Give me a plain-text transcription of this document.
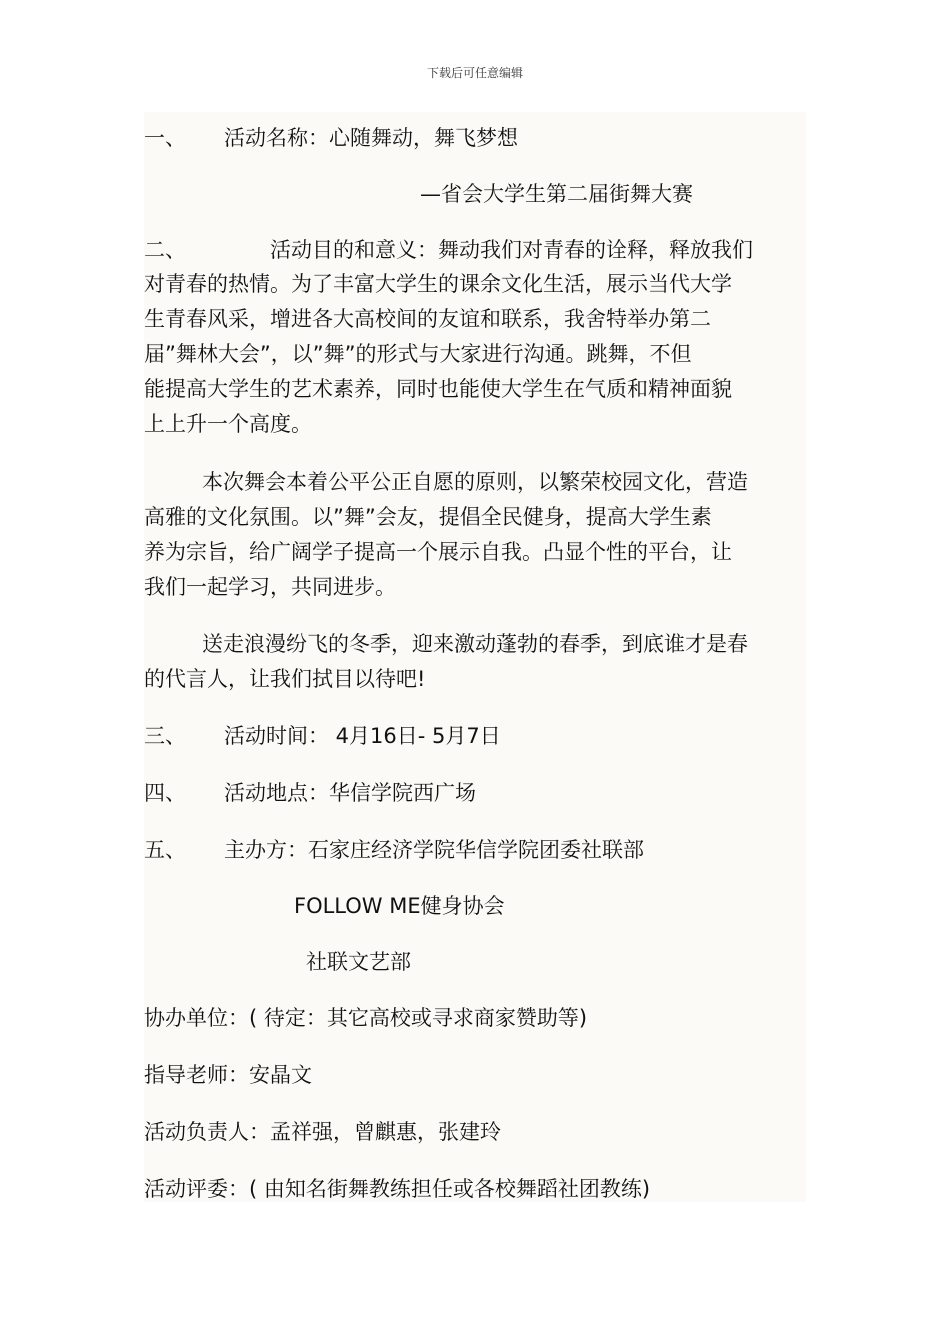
下载后可任意编辑
一、 活动名称：心随舞动，舞飞梦想
—省会大学生第二届街舞大赛
二、	活动目的和意义：舞动我们对青春的诠释，释放我们
对青春的热情。为了丰富大学生的课余文化生活，展示当代大学
生青春风采，增进各大高校间的友谊和联系，我舍特举办第二
届”舞林大会”，以”舞”的形式与大家进行沟通。跳舞，不但
能提高大学生的艺术素养，同时也能使大学生在气质和精神面貌
上上升一个高度。
本次舞会本着公平公正自愿的原则，以繁荣校园文化，营造
高雅的文化氛围。以”舞”会友，提倡全民健身，提高大学生素
养为宗旨，给广阔学子提高一个展示自我。凸显个性的平台，让
我们一起学习，共同进步。
送走浪漫纷飞的冬季，迎来激动蓬勃的春季，到底谁才是春
的代言人，让我们拭目以待吧!
三、 活动时间： 4月16日- 5月7日
四、 活动地点：华信学院西广场
五、 主办方：石家庄经济学院华信学院团委社联部
FOLLOW ME健身协会
社联文艺部
协办单位：( 待定：其它高校或寻求商家赞助等)
指导老师：安晶文
活动负责人：孟祥强，曾麒惠，张建玲
活动评委：( 由知名街舞教练担任或各校舞蹈社团教练)
